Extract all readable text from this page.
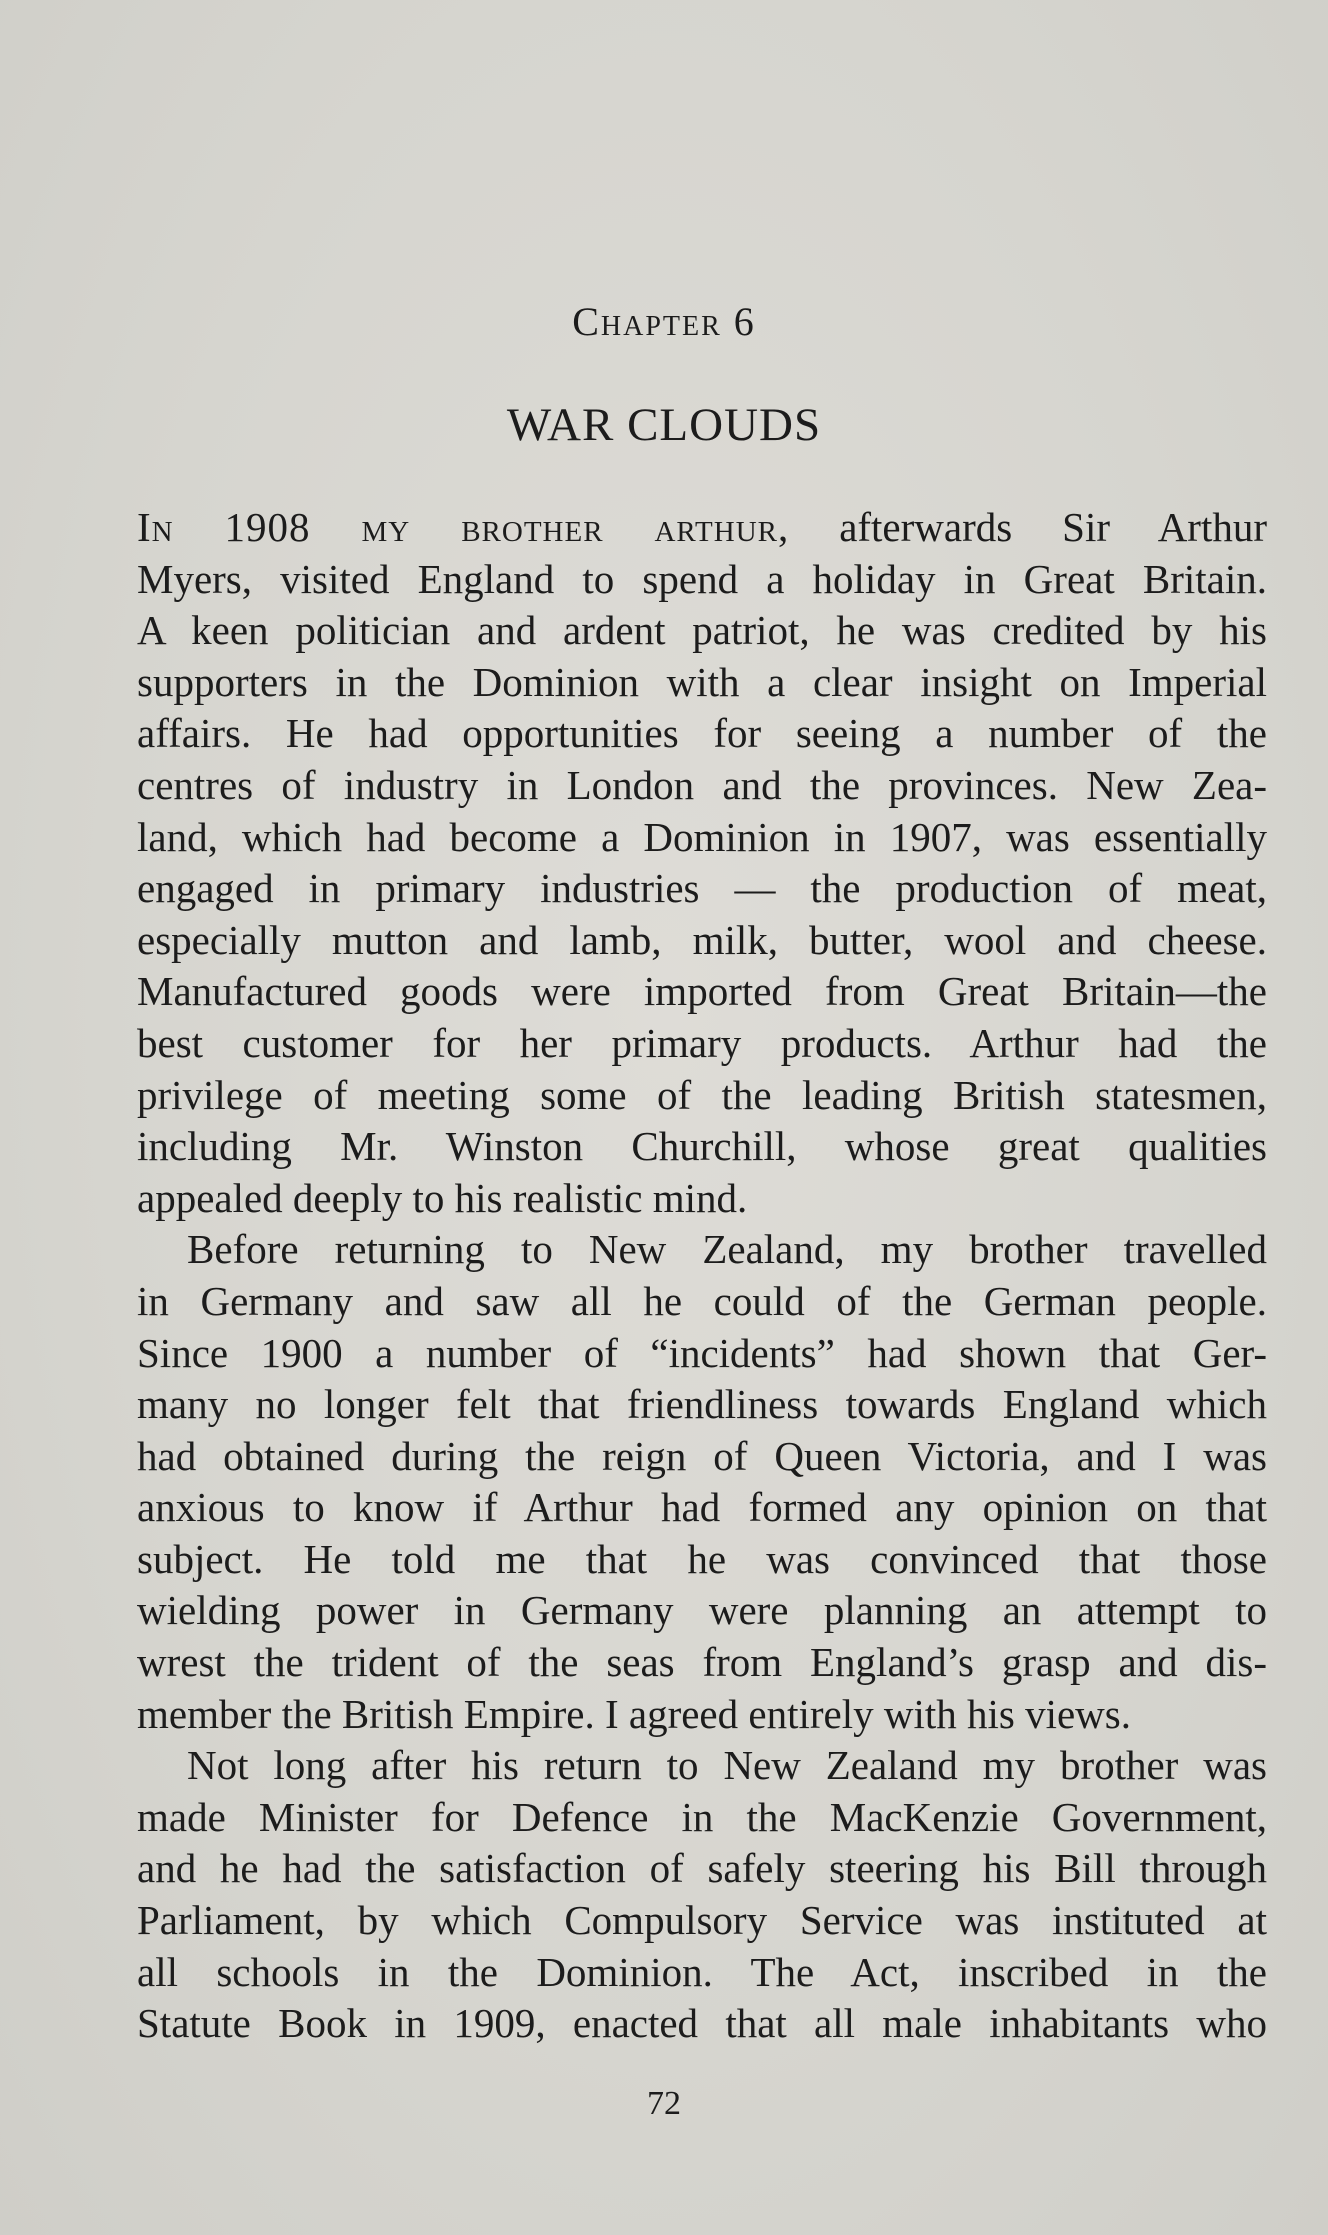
Chapter 6
WAR CLOUDS
In 1908 my brother arthur, afterwards Sir Arthur
Myers, visited England to spend a holiday in Great Britain.
A keen politician and ardent patriot, he was credited by his
supporters in the Dominion with a clear insight on Imperial
affairs. He had opportunities for seeing a number of the
centres of industry in London and the provinces. New Zea-
land, which had become a Dominion in 1907, was essentially
engaged in primary industries — the production of meat,
especially mutton and lamb, milk, butter, wool and cheese.
Manufactured goods were imported from Great Britain—the
best customer for her primary products. Arthur had the
privilege of meeting some of the leading British statesmen,
including Mr. Winston Churchill, whose great qualities
appealed deeply to his realistic mind.
Before returning to New Zealand, my brother travelled
in Germany and saw all he could of the German people.
Since 1900 a number of “incidents” had shown that Ger-
many no longer felt that friendliness towards England which
had obtained during the reign of Queen Victoria, and I was
anxious to know if Arthur had formed any opinion on that
subject. He told me that he was convinced that those
wielding power in Germany were planning an attempt to
wrest the trident of the seas from England’s grasp and dis-
member the British Empire. I agreed entirely with his views.
Not long after his return to New Zealand my brother was
made Minister for Defence in the MacKenzie Government,
and he had the satisfaction of safely steering his Bill through
Parliament, by which Compulsory Service was instituted at
all schools in the Dominion. The Act, inscribed in the
Statute Book in 1909, enacted that all male inhabitants who
72
